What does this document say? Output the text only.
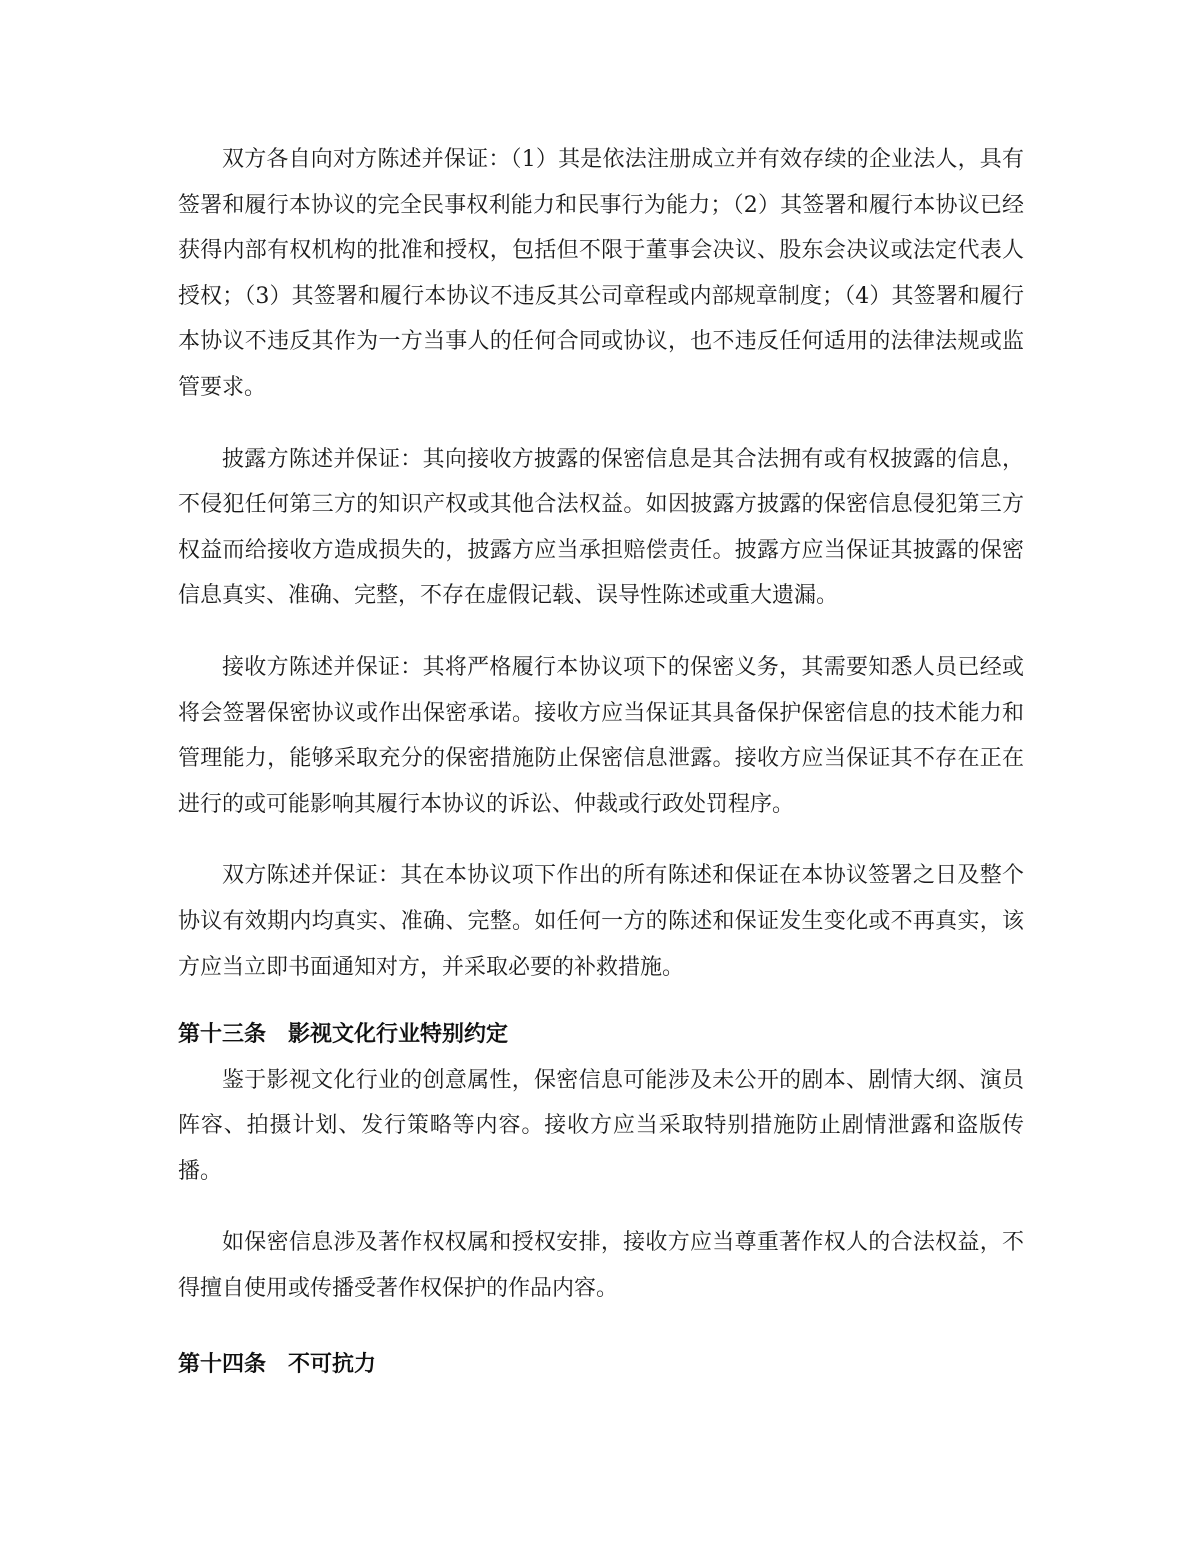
双方各自向对方陈述并保证：（1）其是依法注册成立并有效存续的企业法人，具有签署和履行本协议的完全民事权利能力和民事行为能力；（2）其签署和履行本协议已经获得内部有权机构的批准和授权，包括但不限于董事会决议、股东会决议或法定代表人授权；（3）其签署和履行本协议不违反其公司章程或内部规章制度；（4）其签署和履行本协议不违反其作为一方当事人的任何合同或协议，也不违反任何适用的法律法规或监管要求。

披露方陈述并保证：其向接收方披露的保密信息是其合法拥有或有权披露的信息，不侵犯任何第三方的知识产权或其他合法权益。如因披露方披露的保密信息侵犯第三方权益而给接收方造成损失的，披露方应当承担赔偿责任。披露方应当保证其披露的保密信息真实、准确、完整，不存在虚假记载、误导性陈述或重大遗漏。

接收方陈述并保证：其将严格履行本协议项下的保密义务，其需要知悉人员已经或将会签署保密协议或作出保密承诺。接收方应当保证其具备保护保密信息的技术能力和管理能力，能够采取充分的保密措施防止保密信息泄露。接收方应当保证其不存在正在进行的或可能影响其履行本协议的诉讼、仲裁或行政处罚程序。

双方陈述并保证：其在本协议项下作出的所有陈述和保证在本协议签署之日及整个协议有效期内均真实、准确、完整。如任何一方的陈述和保证发生变化或不再真实，该方应当立即书面通知对方，并采取必要的补救措施。

第十三条 影视文化行业特别约定

鉴于影视文化行业的创意属性，保密信息可能涉及未公开的剧本、剧情大纲、演员阵容、拍摄计划、发行策略等内容。接收方应当采取特别措施防止剧情泄露和盗版传播。

如保密信息涉及著作权权属和授权安排，接收方应当尊重著作权人的合法权益，不得擅自使用或传播受著作权保护的作品内容。

第十四条 不可抗力
